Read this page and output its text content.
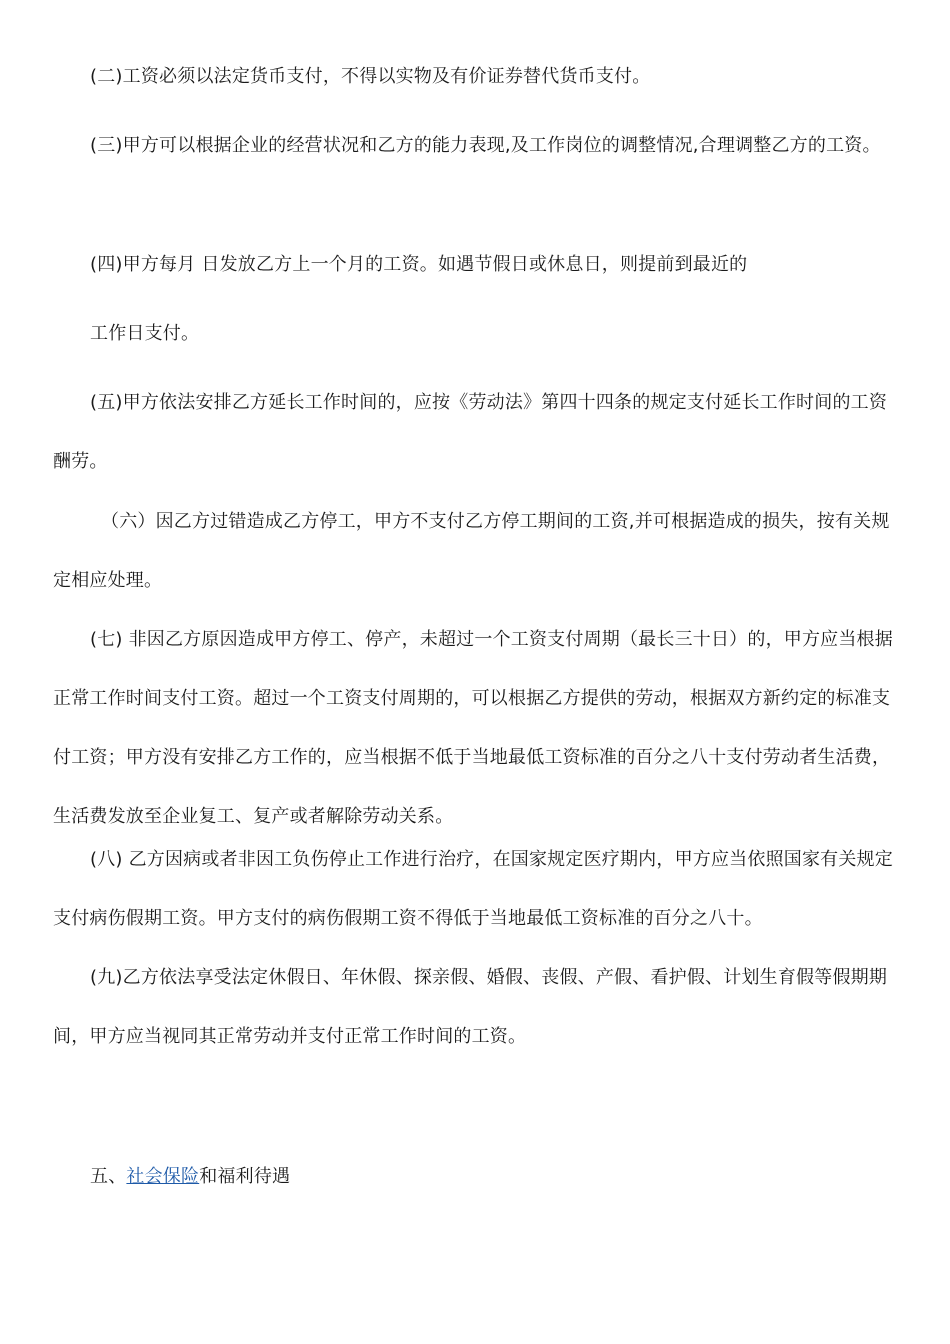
(二)工资必须以法定货币支付，不得以实物及有价证券替代货币支付。

(三)甲方可以根据企业的经营状况和乙方的能力表现,及工作岗位的调整情况,合理调整乙方的工资。

(四)甲方每月 日发放乙方上一个月的工资。如遇节假日或休息日，则提前到最近的

工作日支付。

(五)甲方依法安排乙方延长工作时间的，应按《劳动法》第四十四条的规定支付延长工作时间的工资酬劳。

（六）因乙方过错造成乙方停工，甲方不支付乙方停工期间的工资,并可根据造成的损失，按有关规定相应处理。

(七) 非因乙方原因造成甲方停工、停产，未超过一个工资支付周期（最长三十日）的，甲方应当根据正常工作时间支付工资。超过一个工资支付周期的，可以根据乙方提供的劳动，根据双方新约定的标准支付工资；甲方没有安排乙方工作的，应当根据不低于当地最低工资标准的百分之八十支付劳动者生活费，生活费发放至企业复工、复产或者解除劳动关系。

(八) 乙方因病或者非因工负伤停止工作进行治疗，在国家规定医疗期内，甲方应当依照国家有关规定支付病伤假期工资。甲方支付的病伤假期工资不得低于当地最低工资标准的百分之八十。

(九)乙方依法享受法定休假日、年休假、探亲假、婚假、丧假、产假、看护假、计划生育假等假期期间，甲方应当视同其正常劳动并支付正常工作时间的工资。

五、社会保险和福利待遇
